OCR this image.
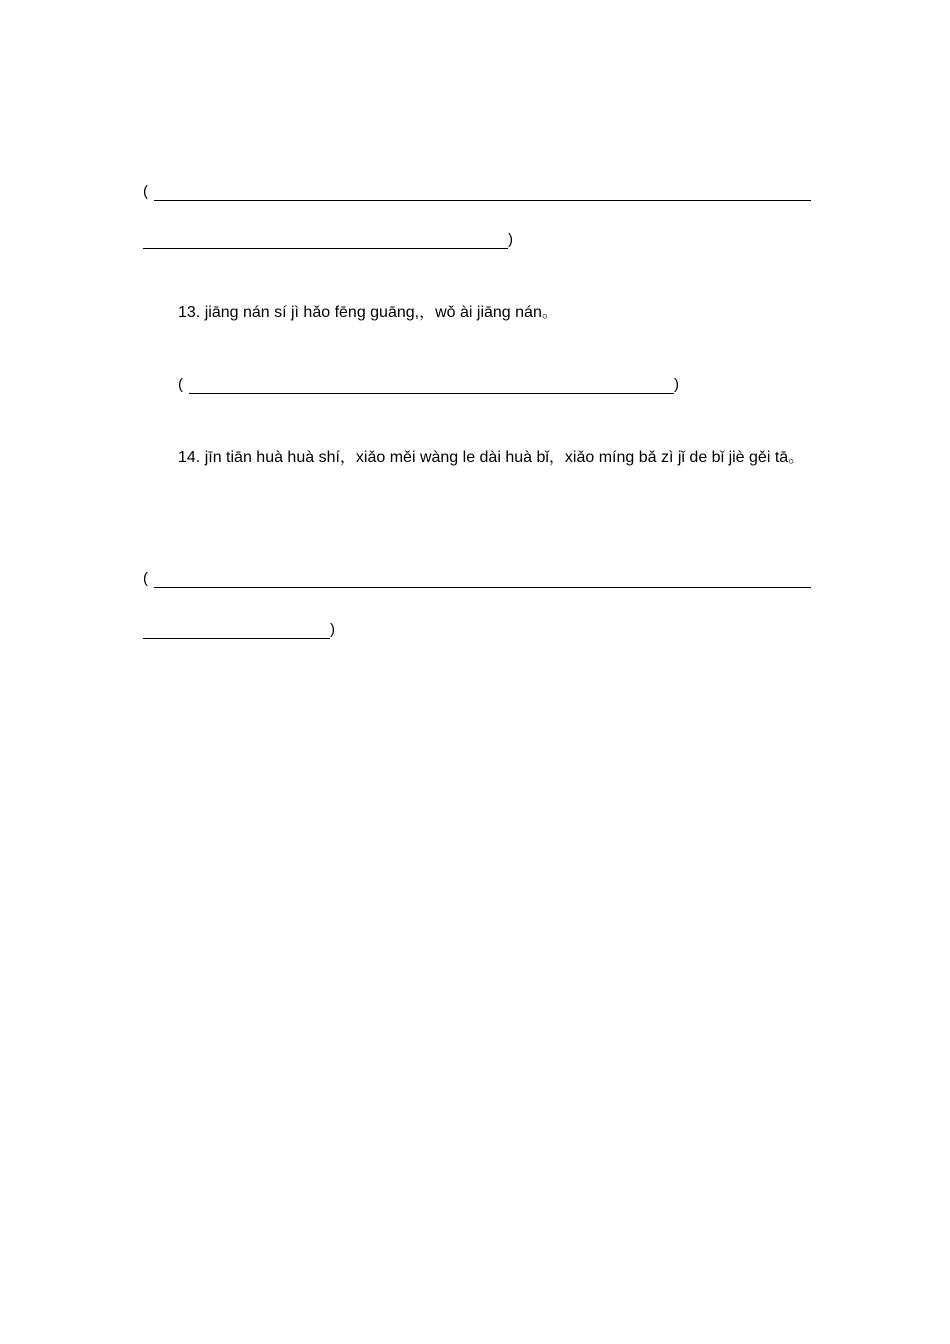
(
)
13. jiāng nán sí jì hǎo fēng guāng,，wǒ ài jiāng nán。
(	)
14. jīn tiān huà huà shí，xiǎo měi wàng le dài huà bǐ，xiǎo míng bǎ zì jǐ de bǐ jiè gěi tā。
(
)
